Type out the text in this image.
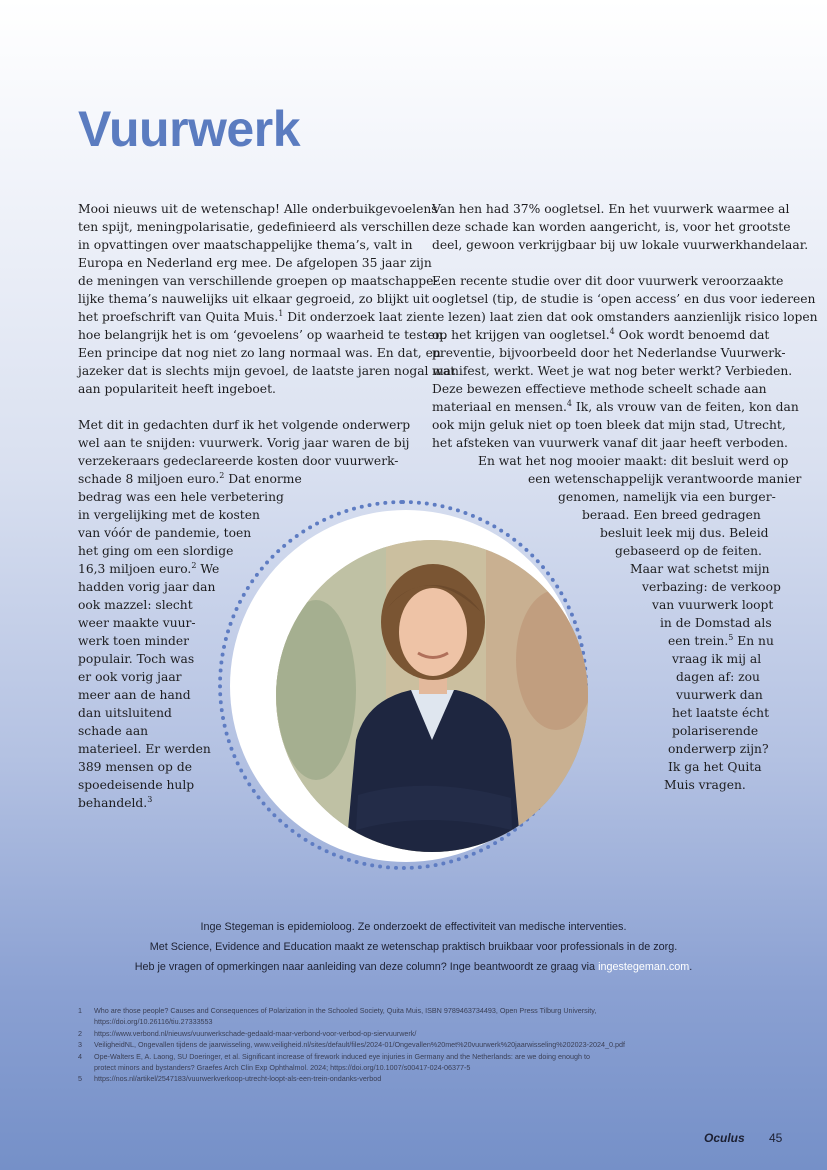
Vuurwerk

Mooi nieuws uit de wetenschap! Alle onderbuikgevoelens
ten spijt, meningpolarisatie, gedefinieerd als verschillen
in opvattingen over maatschappelijke thema’s, valt in
Europa en Nederland erg mee. De afgelopen 35 jaar zijn
de meningen van verschillende groepen op maatschappe-
lijke thema’s nauwelijks uit elkaar gegroeid, zo blijkt uit
het proefschrift van Quita Muis.$^1$ Dit onderzoek laat zien
hoe belangrijk het is om ‘gevoelens’ op waarheid te testen.
Een principe dat nog niet zo lang normaal was. En dat, en
jazeker dat is slechts mijn gevoel, de laatste jaren nogal wat
aan populariteit heeft ingeboet.

Met dit in gedachten durf ik het volgende onderwerp
wel aan te snijden: vuurwerk. Vorig jaar waren de bij
verzekeraars gedeclareerde kosten door vuurwerk-
schade 8 miljoen euro.$^2$ Dat enorme
bedrag was een hele verbetering
in vergelijking met de kosten
van vóór de pandemie, toen
het ging om een slordige
16,3 miljoen euro.$^2$ We
hadden vorig jaar dan
ook mazzel: slecht
weer maakte vuur-
werk toen minder
populair. Toch was
er ook vorig jaar
meer aan de hand
dan uitsluitend
schade aan
materieel. Er werden
389 mensen op de
spoedeisende hulp
behandeld.$^3$

Van hen had 37% oogletsel. En het vuurwerk waarmee al
deze schade kan worden aangericht, is, voor het grootste
deel, gewoon verkrijgbaar bij uw lokale vuurwerkhandelaar.

Een recente studie over dit door vuurwerk veroorzaakte
oogletsel (tip, de studie is ‘open access’ en dus voor iedereen
te lezen) laat zien dat ook omstanders aanzienlijk risico lopen
op het krijgen van oogletsel.$^4$ Ook wordt benoemd dat
preventie, bijvoorbeeld door het Nederlandse Vuurwerk-
manifest, werkt. Weet je wat nog beter werkt? Verbieden.
Deze bewezen effectieve methode scheelt schade aan
materiaal en mensen.$^4$ Ik, als vrouw van de feiten, kon dan
ook mijn geluk niet op toen bleek dat mijn stad, Utrecht,
het afsteken van vuurwerk vanaf dit jaar heeft verboden.
En wat het nog mooier maakt: dit besluit werd op
een wetenschappelijk verantwoorde manier
genomen, namelijk via een burger-
beraad. Een breed gedragen
besluit leek mij dus. Beleid
gebaseerd op de feiten.
Maar wat schetst mijn
verbazing: de verkoop
van vuurwerk loopt
in de Domstad als
een trein.$^5$ En nu
vraag ik mij al
dagen af: zou
vuurwerk dan
het laatste écht
polariserende
onderwerp zijn?
Ik ga het Quita
Muis vragen.

Inge Stegeman is epidemioloog. Ze onderzoekt de effectiviteit van medische interventies.
Met Science, Evidence and Education maakt ze wetenschap praktisch bruikbaar voor professionals in de zorg.
Heb je vragen of opmerkingen naar aanleiding van deze column? Inge beantwoordt ze graag via ingestegeman.com.
1 Who are those people? Causes and Consequences of Polarization in the Schooled Society, Quita Muis, ISBN 9789463734493, Open Press Tilburg University,
https://doi.org/10.26116/tiu.27333553
2 https://www.verbond.nl/nieuws/vuurwerkschade-gedaald-maar-verbond-voor-verbod-op-siervuurwerk/
3 VeiligheidNL, Ongevallen tijdens de jaarwisseling, www.veiligheid.nl/sites/default/files/2024-01/Ongevallen%20met%20vuurwerk%20jaarwisseling%202023-2024_0.pdf
4 Ope-Walters E, A. Laong, SU Doeringer, et al. Significant increase of firework induced eye injuries in Germany and the Netherlands: are we doing enough to
protect minors and bystanders? Graefes Arch Clin Exp Ophthalmol. 2024; https://doi.org/10.1007/s00417-024-06377-5
5 https://nos.nl/artikel/2547183/vuurwerkverkoop-utrecht-loopt-als-een-trein-ondanks-verbod
Oculus 45
